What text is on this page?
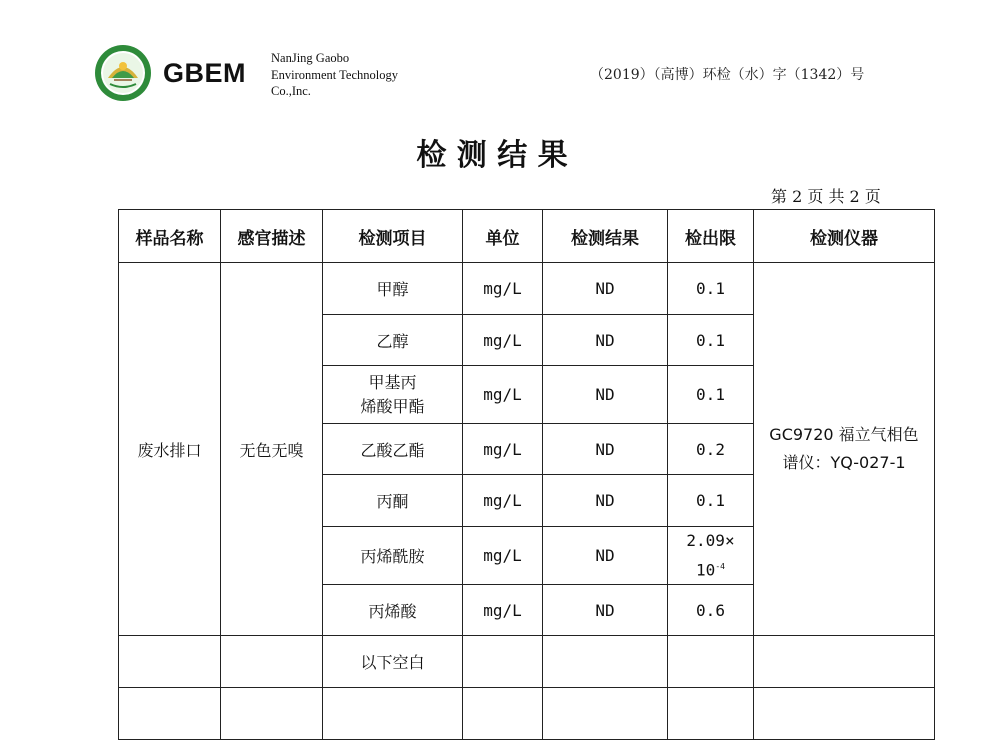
GBEM NanJing Gaobo
Environment Technology
Co.,Inc.
（2019）（高博）环检（水）字（1342）号
检 测 结 果
第 2 页 共 2 页
样品名称	感官描述	检测项目	单位	检测结果	检出限	检测仪器
废水排口	无色无嗅	甲醇	mg/L	ND	0.1	GC9720 福立气相色
谱仪：YQ-027-1

		乙醇	mg/L	ND	0.1	

		甲基丙
烯酸甲酯	mg/L	ND	0.1	
		乙酸乙酯	mg/L	ND	0.2	
		丙酮	mg/L	ND	0.1	
		丙烯酰胺	mg/L	ND	2.09×
$10^{-4}$

		丙烯酸	mg/L	ND	0.6	
		以下空白				
